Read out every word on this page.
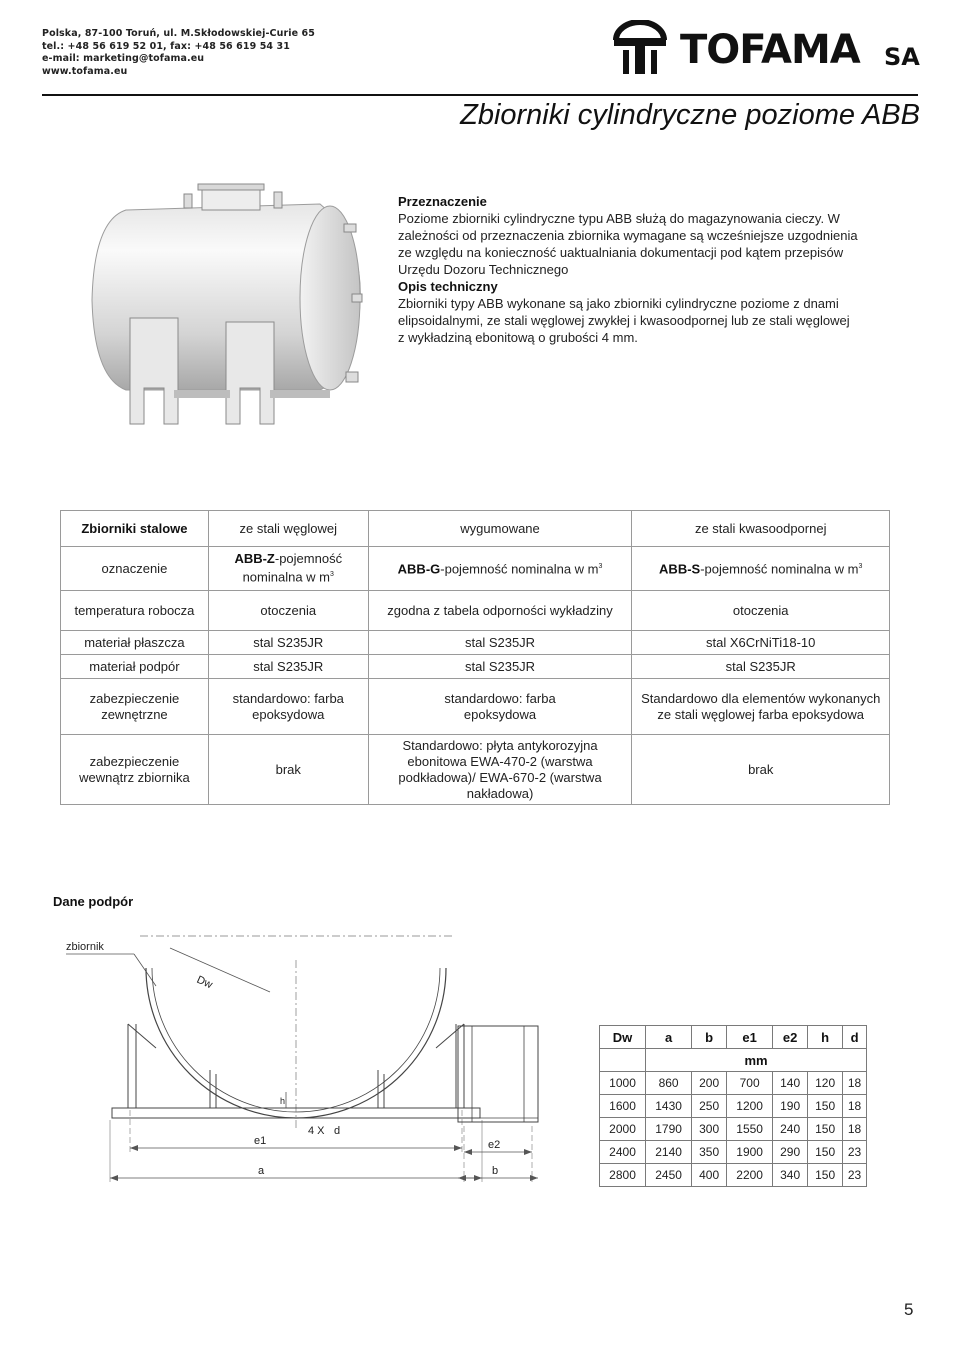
Polska, 87-100 Toruń, ul. M.Skłodowskiej-Curie 65
tel.: +48 56 619 52 01, fax: +48 56 619 54 31
e-mail: marketing@tofama.eu
www.tofama.eu	TOFAMA SA
Zbiorniki cylindryczne poziome ABB

Przeznaczenie

Poziome zbiorniki cylindryczne typu ABB służą do magazynowania cieczy. W zależności od przeznaczenia zbiornika wymagane są wcześniejsze uzgodnienia ze względu na konieczność uaktualniania dokumentacji pod kątem przepisów Urzędu Dozoru Technicznego

Opis techniczny

Zbiorniki typy ABB wykonane są jako zbiorniki cylindryczne poziome z dnami elipsoidalnymi, ze stali węglowej zwykłej i kwasoodpornej lub ze stali węglowej z wykładziną ebonitową o grubości 4 mm.

Zbiorniki stalowe	ze stali węglowej	wygumowane	ze stali kwasoodpornej
oznaczenie	ABB-Z-pojemność nominalna w $m^3$	ABB-G-pojemność nominalna w $m^3$	ABB-S-pojemność nominalna w $m^3$
temperatura robocza	otoczenia	zgodna z tabela odporności wykładziny	otoczenia
materiał płaszcza	stal S235JR	stal S235JR	stal X6CrNiTi18-10
materiał podpór	stal S235JR	stal S235JR	stal S235JR
zabezpieczenie zewnętrzne	standardowo: farba epoksydowa	standardowo: farba epoksydowa	Standardowo dla elementów wykonanych ze stali węglowej farba epoksydowa
zabezpieczenie wewnątrz zbiornika	brak	Standardowo: płyta antykorozyjna ebonitowa EWA-470-2 (warstwa podkładowa)/ EWA-670-2 (warstwa nakładowa)	brak
Dane podpór
zbiornik
Dw
h
4 X d
e1
a
e2
b
Dw	a	b	e1	e2	h	d
	mm					
1000	860	200	700	140	120	18
1600	1430	250	1200	190	150	18
2000	1790	300	1550	240	150	18
2400	2140	350	1900	290	150	23
2800	2450	400	2200	340	150	23
5
